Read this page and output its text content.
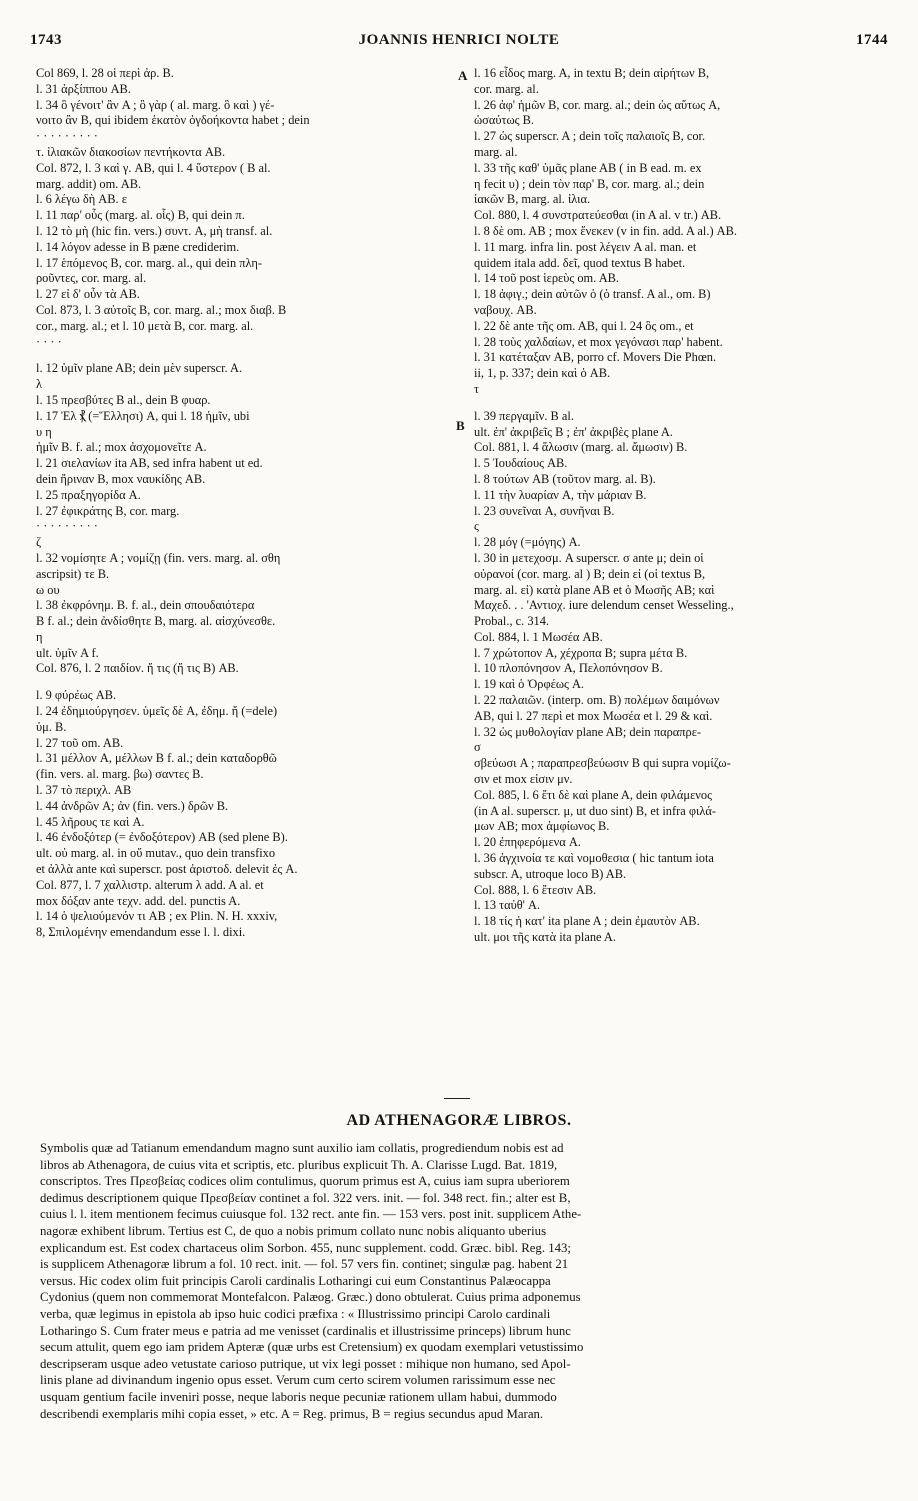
1743	JOANNIS HENRICI NOLTE	1744
Col 869, l. 28 oἱ περὶ ἀρ. B.
l. 31 ἀρξίππου AB.
l. 34 ὃ γένοιτ' ἂν A ; ὃ γὰρ ( al. marg. ὃ καὶ ) γέ-
νοιτο ἂν B, qui ibidem ἑκατὸν ὀγδοήκοντα habet ; dein
· · · · · · · · ·
τ. ἰλιακῶν διακοσίων πεντήκοντα AB.
Col. 872, l. 3 καὶ γ. AB, qui l. 4 ὕστερον ( B al.
marg. addit) om. AB.
l. 6 λέγω δὴ AB. ε
l. 11 παρ' οὗς (marg. al. οἷς) B, qui dein π.
l. 12 τὸ μὴ (hic fin. vers.) συντ. A, μὴ transf. al.
l. 14 λόγον adesse in B pæne crediderim.
l. 17 ἑπόμενος B, cor. marg. al., qui dein πλη-
ρoῦντες, cor. marg. al.
l. 27 εἰ δ' οὖν τὰ AB.
Col. 873, l. 3 αὐτοῖς B, cor. marg. al.; mox διαβ. B
cor., marg. al.; et l. 10 μετὰ B, cor. marg. al.
· · · ·
l. 12 ὑμῖν plane AB; dein μὲν superscr. A.
λ
l. 15 πρεσβύτες B al., dein B φυαρ.
l. 17 Ἐλ ⳩ (=Ἕλλησι) A, qui l. 18 ἡμῖν, ubi
υ η
ἡμῖν B. f. al.; mox ἀσχομονεῖτε A.
l. 21 σιελανίων ita AB, sed infra habent ut ed.
dein ἤριναν B, mox ναυκίδης AB.
l. 25 πραξηγορίδα A.
l. 27 ἐφικράτης B, cor. marg.
· · · · · · · · ·
ζ
l. 32 νομίσητε A ; νομίζῃ (fin. vers. marg. al. σθη
ascripsit) τε B.
ω ου
l. 38 ἐκφρόνημ. B. f. al., dein σπουδαιότερα
B f. al.; dein ἀνδίσθητε B, marg. al. αἰσχύνεσθε.
η
ult. ὑμῖν A f.
Col. 876, l. 2 παιδίον. ἤ τις (ἤ τις B) AB.
l. 9 φύρέως AB.
l. 24 ἐδημιούργησεν. ὑμεῖς δὲ A, ἐδημ. ἤ (=dele)
ὑμ. B.
l. 27 τοῦ om. AB.
l. 31 μέλλον A, μέλλων B f. al.; dein καταδορθῶ
(fin. vers. al. marg. βω) σαντες B.
l. 37 τὸ περιχλ. AB
l. 44 ἀνδρῶν A; ἀν (fin. vers.) δρῶν B.
l. 45 λῆρους τε καὶ A.
l. 46 ἐνδοξότερ (= ἐνδοξότερον) AB (sed plene B).
ult. οὐ marg. al. in οὔ mutav., quo dein transfixo
et ἀλλὰ ante καὶ superscr. post ἀριστοδ. delevit ἐς A.
Col. 877, l. 7 χαλλιστρ. alterum λ add. A al. et
mox δόξαν ante τεχν. add. del. punctis A.
l. 14 ὁ ψελιούμενόν τι AB ; ex Plin. N. H. xxxiv,
8, Σπιλομένην emendandum esse l. l. dixi.
A
B
l. 16 εἶδος marg. A, in textu B; dein αἱρήτων B,
cor. marg. al.
l. 26 ἀφ' ἡμῶν B, cor. marg. al.; dein ὡς αὕτως A,
ὡσαύτως B.
l. 27 ὡς superscr. A ; dein τοῖς παλαιοῖς B, cor.
marg. al.
l. 33 τῆς καθ' ὑμᾶς plane AB ( in B ead. m. ex
η fecit υ) ; dein τὸν παρ' B, cor. marg. al.; dein
ἰακῶν B, marg. al. ἰλια.
Col. 880, l. 4 συνστρατεύεσθαι (in A al. v tr.) AB.
l. 8 δὲ om. AB ; mox ἕνεκεν (v in fin. add. A al.) AB.
l. 11 marg. infra lin. post λέγειν A al. man. et
quidem itala add. δεῖ, quod textus B habet.
l. 14 τοῦ post ἱερεὺς om. AB.
l. 18 ἀφιγ.; dein αὐτῶν ὁ (ὁ transf. A al., om. B)
ναβουχ. AB.
l. 22 δὲ ante τῆς om. AB, qui l. 24 ὃς om., et
l. 28 τοὺς χαλδαίων, et mox γεγόνασι παρ' habent.
l. 31 κατέταξαν AB, porro cf. Movers Die Phœn.
ii, 1, p. 337; dein καὶ ὁ AB.
τ
l. 39 περγαμῖν. B al.
ult. ἐπ' ἀκριβεῖς B ; ἐπ' ἀκριβὲς plane A.
Col. 881, l. 4 ἅλωσιν (marg. al. ἄμωσιν) B.
l. 5 Ἰουδαίους AB.
l. 8 τούτων AB (τοῦτον marg. al. B).
l. 11 τὴν λυαρίαν A, τὴν μάριαν B.
l. 23 συνεῖναι A, συνῆναι B.
ς
l. 28 μόγ (=μόγης) A.
l. 30 in μετεχοσμ. A superscr. σ ante μ; dein οἱ
οὐρανοί (cor. marg. al ) B; dein εἰ (οἱ textus B,
marg. al. εἰ) κατὰ plane AB et ὁ Μωσῆς AB; καὶ
Μαχεδ. . . 'Αντιοχ. iure delendum censet Wesseling.,
Probal., c. 314.
Col. 884, l. 1 Μωσέα AB.
l. 7 χρώτοπον A, χέχροπα B; supra μέτα B.
l. 10 πλοπόνησον A, Πελοπόνησον B.
l. 19 καὶ ὁ Ὀρφέως A.
l. 22 παλαιῶν. (interp. om. B) πολέμων δαιμόνων
AB, qui l. 27 περὶ et mox Μωσέα et l. 29 & καὶ.
l. 32 ὡς μυθολογίαν plane AB; dein παραπρε-
σ
σβεύωσι A ; παραπρεσβεύωσιν B qui supra νομίζω-
σιν et mox εἰσιν μν.
Col. 885, l. 6 ἔτι δὲ καὶ plane A, dein φιλάμενος
(in A al. superscr. μ, ut duo sint) B, et infra φιλά-
μων AB; mox ἀμφίωνος B.
l. 20 ἐπηφερόμενα A.
l. 36 ἀγχινοία τε καὶ νομοθεσια ( hic tantum iota
subscr. A, utroque loco B) AB.
Col. 888, l. 6 ἔτεσιν AB.
l. 13 ταὐθ' A.
l. 18 τίς ἡ κατ' ita plane A ; dein ἐμαυτὸν AB.
ult. μοι τῆς κατὰ ita plane A.
AD ATHENAGORÆ LIBROS.
Symbolis quæ ad Tatianum emendandum magno sunt auxilio iam collatis, progrediendum nobis est ad
libros ab Athenagora, de cuius vita et scriptis, etc. pluribus explicuit Th. A. Clarisse Lugd. Bat. 1819,
conscriptos. Tres Πρεσβείας codices olim contulimus, quorum primus est A, cuius iam supra uberiorem
dedimus descriptionem quique Πρεσβείαν continet a fol. 322 vers. init. — fol. 348 rect. fin.; alter est B,
cuius l. l. item mentionem fecimus cuiusque fol. 132 rect. ante fin. — 153 vers. post init. supplicem Athe-
nagoræ exhibent librum. Tertius est C, de quo a nobis primum collato nunc nobis aliquanto uberius
explicandum est. Est codex chartaceus olim Sorbon. 455, nunc supplement. codd. Græc. bibl. Reg. 143;
is supplicem Athenagoræ librum a fol. 10 rect. init. — fol. 57 vers fin. continet; singulæ pag. habent 21
versus. Hic codex olim fuit principis Caroli cardinalis Lotharingi cui eum Constantinus Palæocappa
Cydonius (quem non commemorat Montefalcon. Palæog. Græc.) dono obtulerat. Cuius prima adponemus
verba, quæ legimus in epistola ab ipso huic codici præfixa : « Illustrissimo principi Carolo cardinali
Lotharingo S. Cum frater meus e patria ad me venisset (cardinalis et illustrissime princeps) librum hunc
secum attulit, quem ego iam pridem Apteræ (quæ urbs est Cretensium) ex quodam exemplari vetustissimo
descripseram usque adeo vetustate carioso putrique, ut vix legi posset : mihique non humano, sed Apol-
linis plane ad divinandum ingenio opus esset. Verum cum certo scirem volumen rarissimum esse nec
usquam gentium facile inveniri posse, neque laboris neque pecuniæ rationem ullam habui, dummodo
describendi exemplaris mihi copia esset, » etc. A = Reg. primus, B = regius secundus apud Maran.
